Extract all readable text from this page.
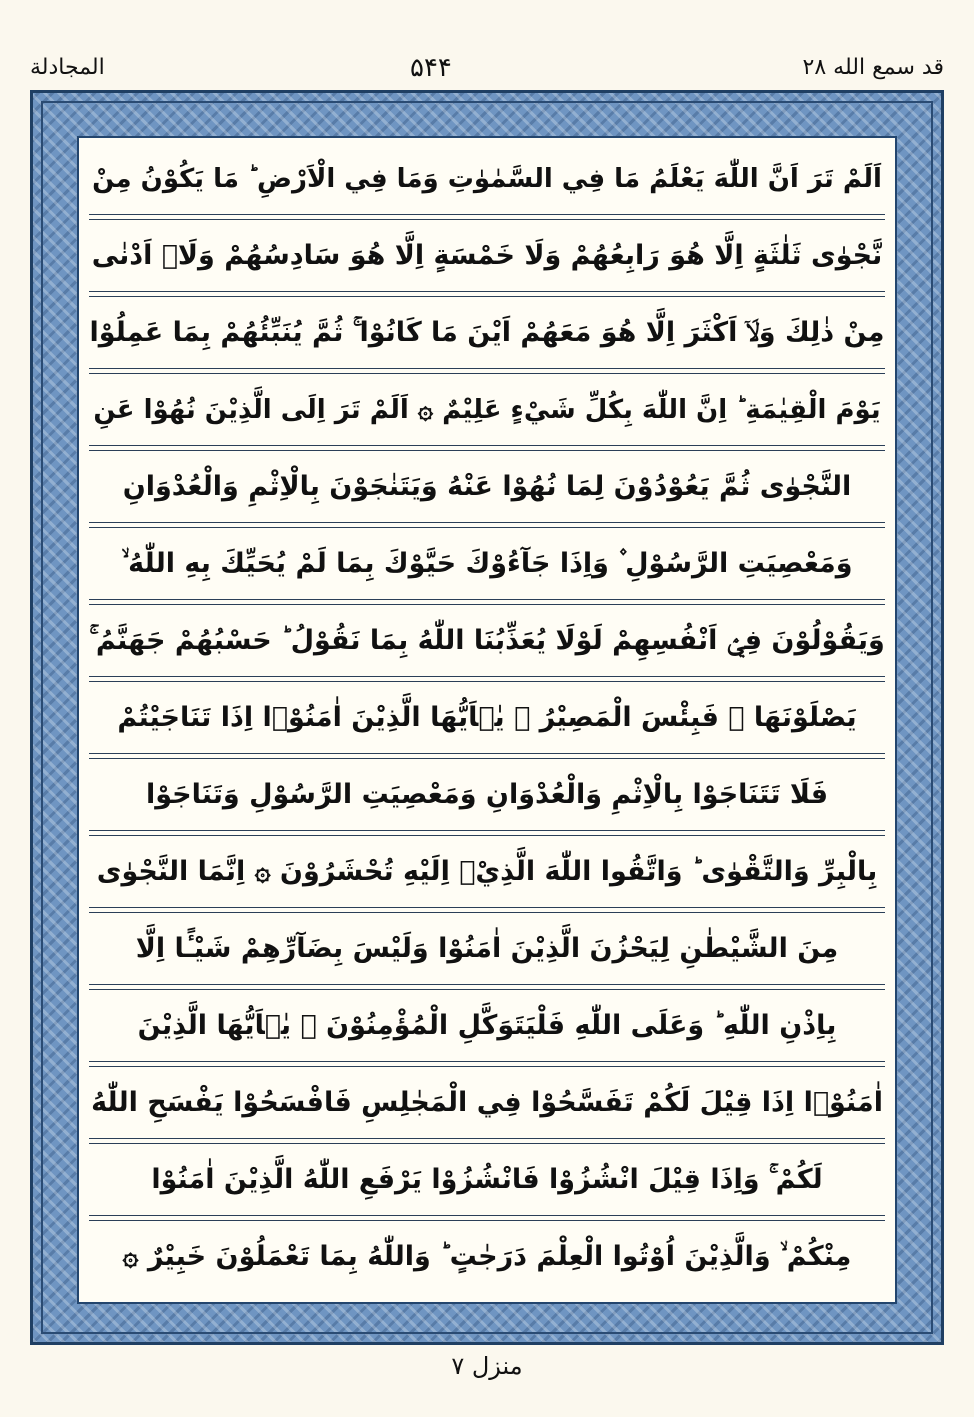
المجادلة	۵۴۴	قد سمع الله ۲۸
اَلَمْ تَرَ اَنَّ اللّٰهَ يَعْلَمُ مَا فِي السَّمٰوٰتِ وَمَا فِي الْاَرْضِ ؕ مَا يَكُوْنُ مِنْ
نَّجْوٰى ثَلٰثَةٍ اِلَّا هُوَ رَابِعُهُمْ وَلَا خَمْسَةٍ اِلَّا هُوَ سَادِسُهُمْ وَلَاۤ اَدْنٰى
مِنْ ذٰلِكَ وَلَاۤ اَكْثَرَ اِلَّا هُوَ مَعَهُمْ اَيْنَ مَا كَانُوْا ۚ ثُمَّ يُنَبِّئُهُمْ بِمَا عَمِلُوْا
يَوْمَ الْقِيٰمَةِ ؕ اِنَّ اللّٰهَ بِكُلِّ شَيْءٍ عَلِيْمٌ ۞ اَلَمْ تَرَ اِلَى الَّذِيْنَ نُهُوْا عَنِ
النَّجْوٰى ثُمَّ يَعُوْدُوْنَ لِمَا نُهُوْا عَنْهُ وَيَتَنٰجَوْنَ بِالْاِثْمِ وَالْعُدْوَانِ
وَمَعْصِيَتِ الرَّسُوْلِ ۫ وَاِذَا جَآءُوْكَ حَيَّوْكَ بِمَا لَمْ يُحَيِّكَ بِهِ اللّٰهُ ۙ
وَيَقُوْلُوْنَ فِيْۤ اَنْفُسِهِمْ لَوْلَا يُعَذِّبُنَا اللّٰهُ بِمَا نَقُوْلُ ؕ حَسْبُهُمْ جَهَنَّمُ ۚ
يَصْلَوْنَهَا ۚ فَبِئْسَ الْمَصِيْرُ ۞ يٰۤاَيُّهَا الَّذِيْنَ اٰمَنُوْۤا اِذَا تَنَاجَيْتُمْ
فَلَا تَتَنَاجَوْا بِالْاِثْمِ وَالْعُدْوَانِ وَمَعْصِيَتِ الرَّسُوْلِ وَتَنَاجَوْا
بِالْبِرِّ وَالتَّقْوٰى ؕ وَاتَّقُوا اللّٰهَ الَّذِيْۤ اِلَيْهِ تُحْشَرُوْنَ ۞ اِنَّمَا النَّجْوٰى
مِنَ الشَّيْطٰنِ لِيَحْزُنَ الَّذِيْنَ اٰمَنُوْا وَلَيْسَ بِضَآرِّهِمْ شَيْـًٔا اِلَّا
بِاِذْنِ اللّٰهِ ؕ وَعَلَى اللّٰهِ فَلْيَتَوَكَّلِ الْمُؤْمِنُوْنَ ۞ يٰۤاَيُّهَا الَّذِيْنَ
اٰمَنُوْۤا اِذَا قِيْلَ لَكُمْ تَفَسَّحُوْا فِي الْمَجٰلِسِ فَافْسَحُوْا يَفْسَحِ اللّٰهُ
لَكُمْ ۚ وَاِذَا قِيْلَ انْشُزُوْا فَانْشُزُوْا يَرْفَعِ اللّٰهُ الَّذِيْنَ اٰمَنُوْا
مِنْكُمْ ۙ وَالَّذِيْنَ اُوْتُوا الْعِلْمَ دَرَجٰتٍ ؕ وَاللّٰهُ بِمَا تَعْمَلُوْنَ خَبِيْرٌ ۞
منزل ۷
